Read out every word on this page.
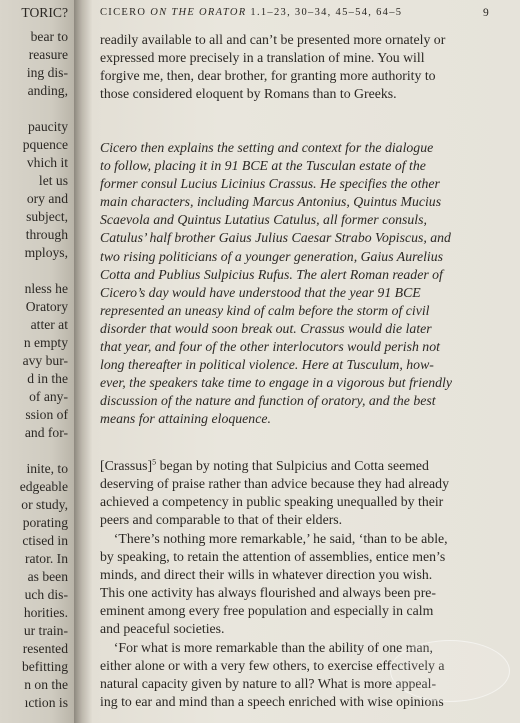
TORIC?
bear to
reasure
ing dis-
anding,
paucity
pquence
vhich it
let us
ory and
subject,
through
mploys,
nless he
Oratory
atter at
n empty
avy bur-
d in the
of any-
ssion of
and for-
inite, to
edgeable
or study,
porating
ctised in
rator. In
as been
uch dis-
horities.
ur train-
resented
befitting
n on the
ıction is
CICERO ON THE ORATOR 1.1–23, 30–34, 45–54, 64–5	9

readily available to all and can’t be presented more ornately or
expressed more precisely in a translation of mine. You will
forgive me, then, dear brother, for granting more authority to
those considered eloquent by Romans than to Greeks.

Cicero then explains the setting and context for the dialogue
to follow, placing it in 91 BCE at the Tusculan estate of the
former consul Lucius Licinius Crassus. He specifies the other
main characters, including Marcus Antonius, Quintus Mucius
Scaevola and Quintus Lutatius Catulus, all former consuls,
Catulus’ half brother Gaius Julius Caesar Strabo Vopiscus, and
two rising politicians of a younger generation, Gaius Aurelius
Cotta and Publius Sulpicius Rufus. The alert Roman reader of
Cicero’s day would have understood that the year 91 BCE
represented an uneasy kind of calm before the storm of civil
disorder that would soon break out. Crassus would die later
that year, and four of the other interlocutors would perish not
long thereafter in political violence. Here at Tusculum, how-
ever, the speakers take time to engage in a vigorous but friendly
discussion of the nature and function of oratory, and the best
means for attaining eloquence.

[Crassus]$^5$ began by noting that Sulpicius and Cotta seemed
deserving of praise rather than advice because they had already
achieved a competency in public speaking unequalled by their
peers and comparable to that of their elders.

 ‘There’s nothing more remarkable,’ he said, ‘than to be able,
by speaking, to retain the attention of assemblies, entice men’s
minds, and direct their wills in whatever direction you wish.
This one activity has always flourished and always been pre-
eminent among every free population and especially in calm
and peaceful societies.

 ‘For what is more remarkable than the ability of one man,
either alone or with a very few others, to exercise effectively a
natural capacity given by nature to all? What is more appeal-
ing to ear and mind than a speech enriched with wise opinions
